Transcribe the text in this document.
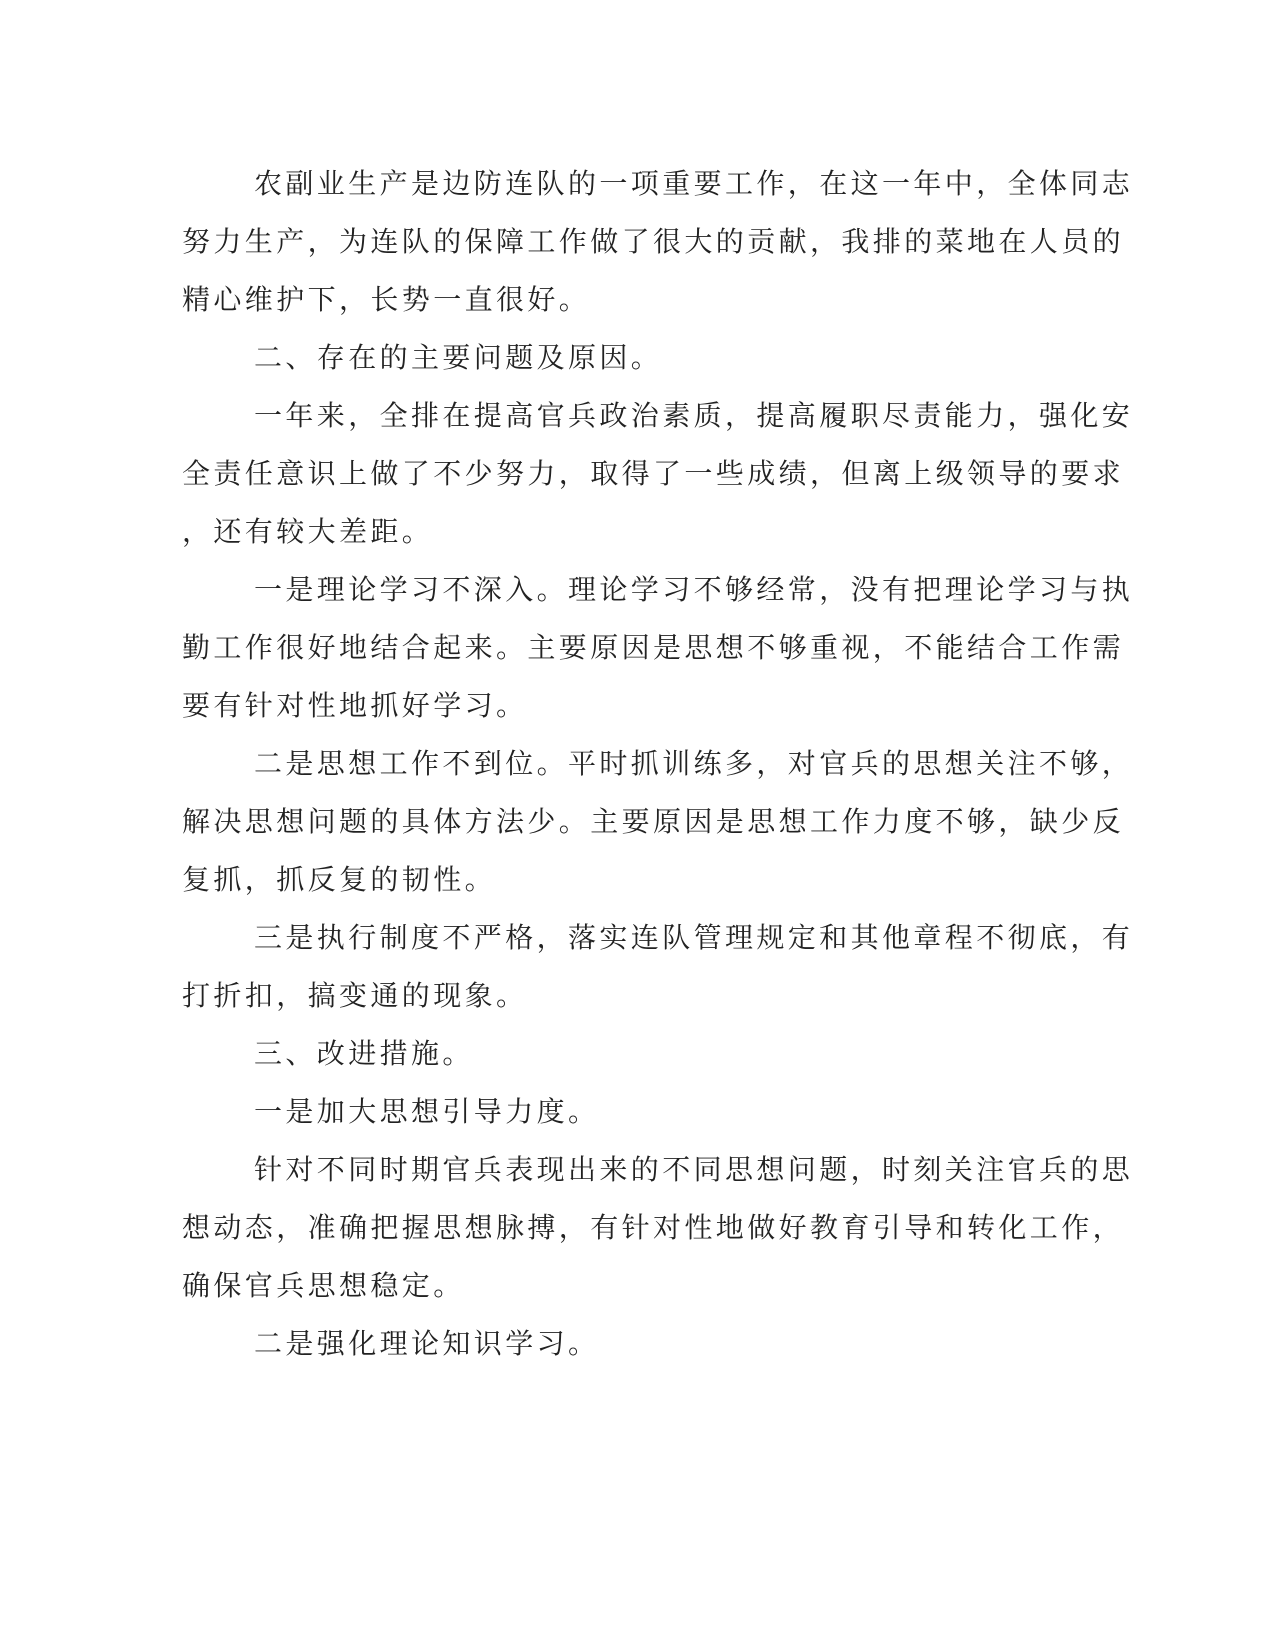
农副业生产是边防连队的一项重要工作，在这一年中，全体同志
努力生产，为连队的保障工作做了很大的贡献，我排的菜地在人员的
精心维护下，长势一直很好。
二、存在的主要问题及原因。
一年来，全排在提高官兵政治素质，提高履职尽责能力，强化安
全责任意识上做了不少努力，取得了一些成绩，但离上级领导的要求
，还有较大差距。
一是理论学习不深入。理论学习不够经常，没有把理论学习与执
勤工作很好地结合起来。主要原因是思想不够重视，不能结合工作需
要有针对性地抓好学习。
二是思想工作不到位。平时抓训练多，对官兵的思想关注不够，
解决思想问题的具体方法少。主要原因是思想工作力度不够，缺少反
复抓，抓反复的韧性。
三是执行制度不严格，落实连队管理规定和其他章程不彻底，有
打折扣，搞变通的现象。
三、改进措施。
一是加大思想引导力度。
针对不同时期官兵表现出来的不同思想问题，时刻关注官兵的思
想动态，准确把握思想脉搏，有针对性地做好教育引导和转化工作，
确保官兵思想稳定。
二是强化理论知识学习。
